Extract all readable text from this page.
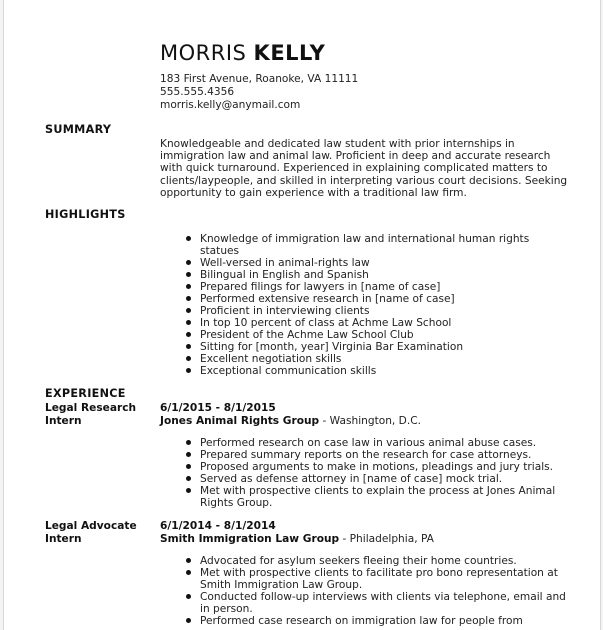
MORRIS KELLY
183 First Avenue, Roanoke, VA 11111
555.555.4356
morris.kelly@anymail.com
SUMMARY
Knowledgeable and dedicated law student with prior internships in immigration law and animal law. Proficient in deep and accurate research with quick turnaround. Experienced in explaining complicated matters to clients/laypeople, and skilled in interpreting various court decisions. Seeking opportunity to gain experience with a traditional law firm.
HIGHLIGHTS
Knowledge of immigration law and international human rights statues
Well-versed in animal-rights law
Bilingual in English and Spanish
Prepared filings for lawyers in [name of case]
Performed extensive research in [name of case]
Proficient in interviewing clients
In top 10 percent of class at Achme Law School
President of the Achme Law School Club
Sitting for [month, year] Virginia Bar Examination
Excellent negotiation skills
Exceptional communication skills
EXPERIENCE
Legal Research Intern
6/1/2015 - 8/1/2015
Jones Animal Rights Group - Washington, D.C.
Performed research on case law in various animal abuse cases.
Prepared summary reports on the research for case attorneys.
Proposed arguments to make in motions, pleadings and jury trials.
Served as defense attorney in [name of case] mock trial.
Met with prospective clients to explain the process at Jones Animal Rights Group.
Legal Advocate Intern
6/1/2014 - 8/1/2014
Smith Immigration Law Group - Philadelphia, PA
Advocated for asylum seekers fleeing their home countries.
Met with prospective clients to facilitate pro bono representation at Smith Immigration Law Group.
Conducted follow-up interviews with clients via telephone, email and in person.
Performed case research on immigration law for people from
